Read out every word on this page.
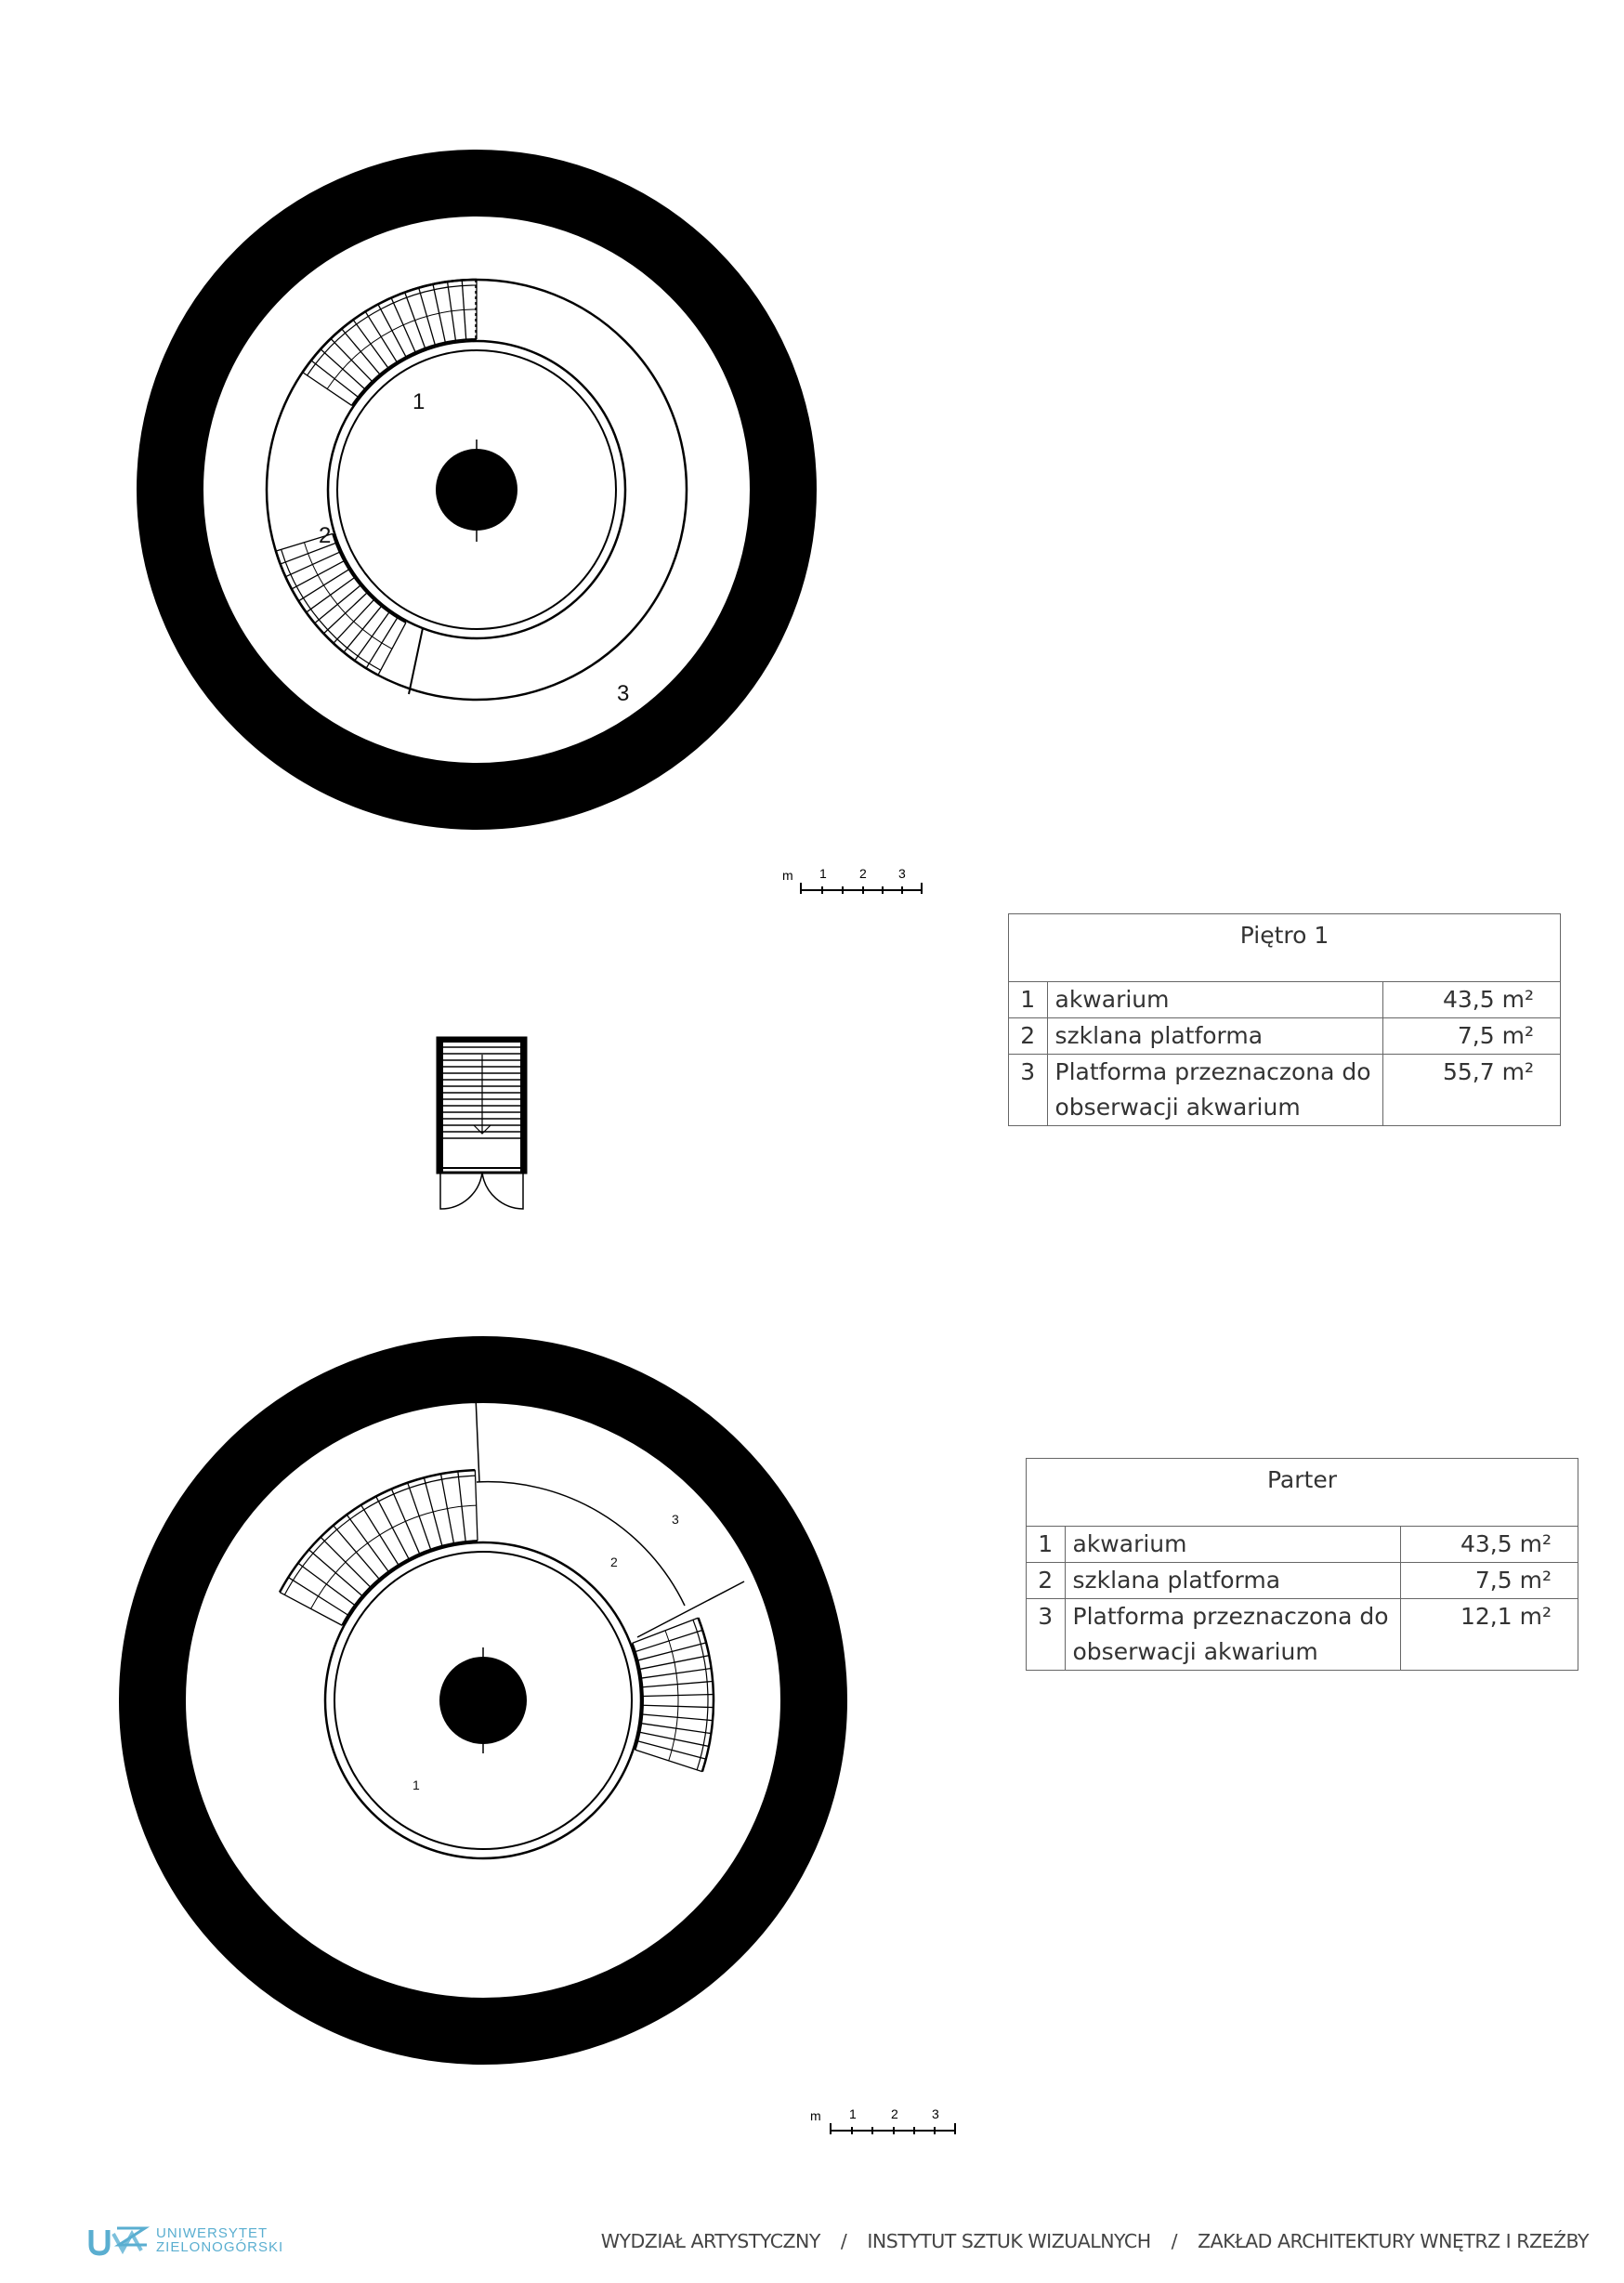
1
2
3
m 1	2 3
Piętro 1		
1	akwarium	43,5 m²
2	szklana platforma	7,5 m²
3	Platforma przeznaczona do obserwacji akwarium	55,7 m²
1
2
3
Parter		
1	akwarium	43,5 m²
2	szklana platforma	7,5 m²
3	Platforma przeznaczona do obserwacji akwarium	12,1 m²
m 1	2	3
UNIWERSYTET
ZIELONOGÓRSKI	WYDZIAŁ ARTYSTYCZNY / INSTYTUT SZTUK WIZUALNYCH / ZAKŁAD ARCHITEKTURY WNĘTRZ I RZEŹBY
